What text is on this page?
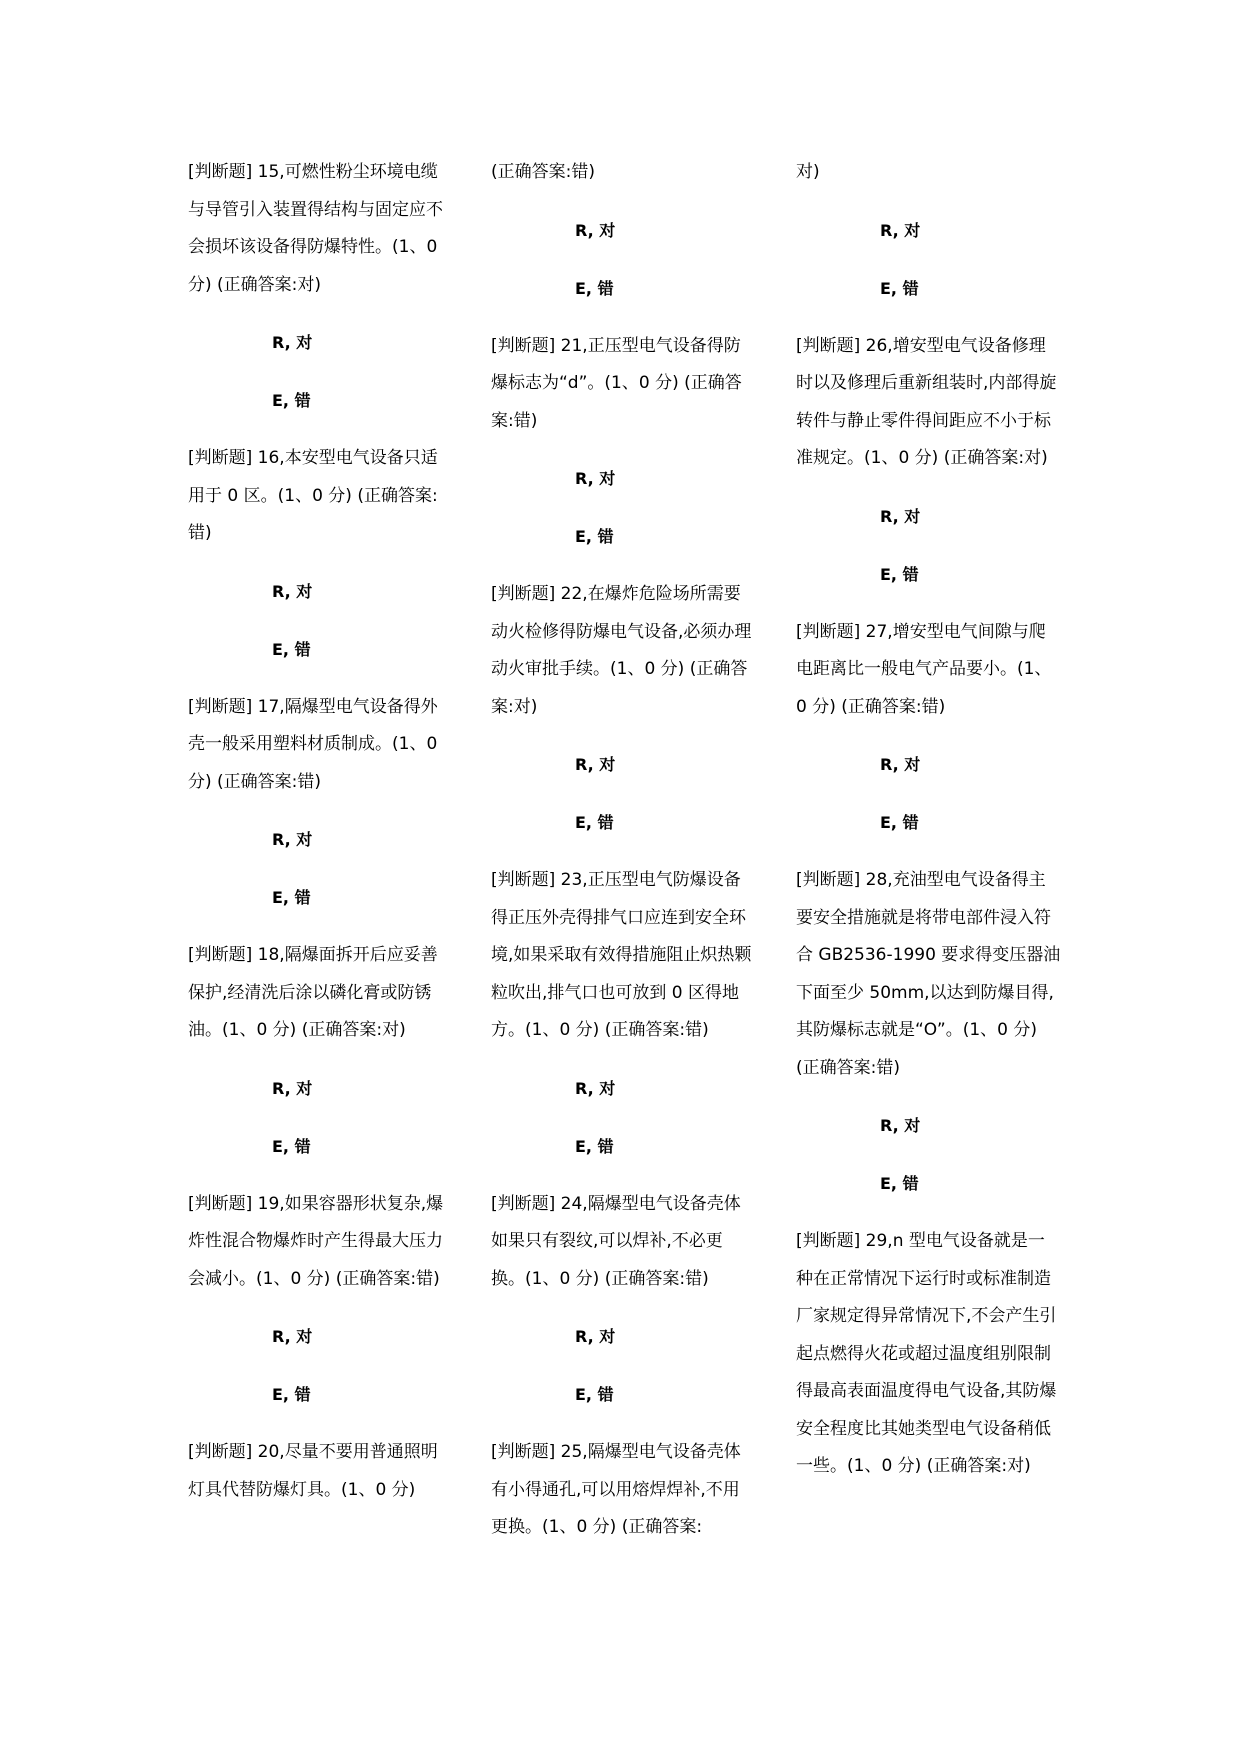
[判断题] 15,可燃性粉尘环境电缆与导管引入装置得结构与固定应不会损坏该设备得防爆特性。(1、0 分) (正确答案:对)

R, 对
E, 错

[判断题] 16,本安型电气设备只适用于 0 区。(1、0 分) (正确答案:错)

R, 对
E, 错

[判断题] 17,隔爆型电气设备得外壳一般采用塑料材质制成。(1、0 分) (正确答案:错)

R, 对
E, 错

[判断题] 18,隔爆面拆开后应妥善保护,经清洗后涂以磷化膏或防锈油。(1、0 分) (正确答案:对)

R, 对
E, 错

[判断题] 19,如果容器形状复杂,爆炸性混合物爆炸时产生得最大压力会减小。(1、0 分) (正确答案:错)

R, 对
E, 错

[判断题] 20,尽量不要用普通照明灯具代替防爆灯具。(1、0 分)

(正确答案:错)

R, 对
E, 错

[判断题] 21,正压型电气设备得防爆标志为“d”。(1、0 分) (正确答案:错)

R, 对
E, 错

[判断题] 22,在爆炸危险场所需要动火检修得防爆电气设备,必须办理动火审批手续。(1、0 分) (正确答案:对)

R, 对
E, 错

[判断题] 23,正压型电气防爆设备得正压外壳得排气口应连到安全环境,如果采取有效得措施阻止炽热颗粒吹出,排气口也可放到 0 区得地方。(1、0 分) (正确答案:错)

R, 对
E, 错

[判断题] 24,隔爆型电气设备壳体如果只有裂纹,可以焊补,不必更换。(1、0 分) (正确答案:错)

R, 对
E, 错

[判断题] 25,隔爆型电气设备壳体有小得通孔,可以用熔焊焊补,不用更换。(1、0 分) (正确答案:

对)

R, 对
E, 错

[判断题] 26,增安型电气设备修理时以及修理后重新组装时,内部得旋转件与静止零件得间距应不小于标准规定。(1、0 分) (正确答案:对)

R, 对
E, 错

[判断题] 27,增安型电气间隙与爬电距离比一般电气产品要小。(1、0 分) (正确答案:错)

R, 对
E, 错

[判断题] 28,充油型电气设备得主要安全措施就是将带电部件浸入符合 GB2536-1990 要求得变压器油下面至少 50mm,以达到防爆目得,其防爆标志就是“O”。(1、0 分) (正确答案:错)

R, 对
E, 错

[判断题] 29,n 型电气设备就是一种在正常情况下运行时或标准制造厂家规定得异常情况下,不会产生引起点燃得火花或超过温度组别限制得最高表面温度得电气设备,其防爆安全程度比其她类型电气设备稍低一些。(1、0 分) (正确答案:对)
